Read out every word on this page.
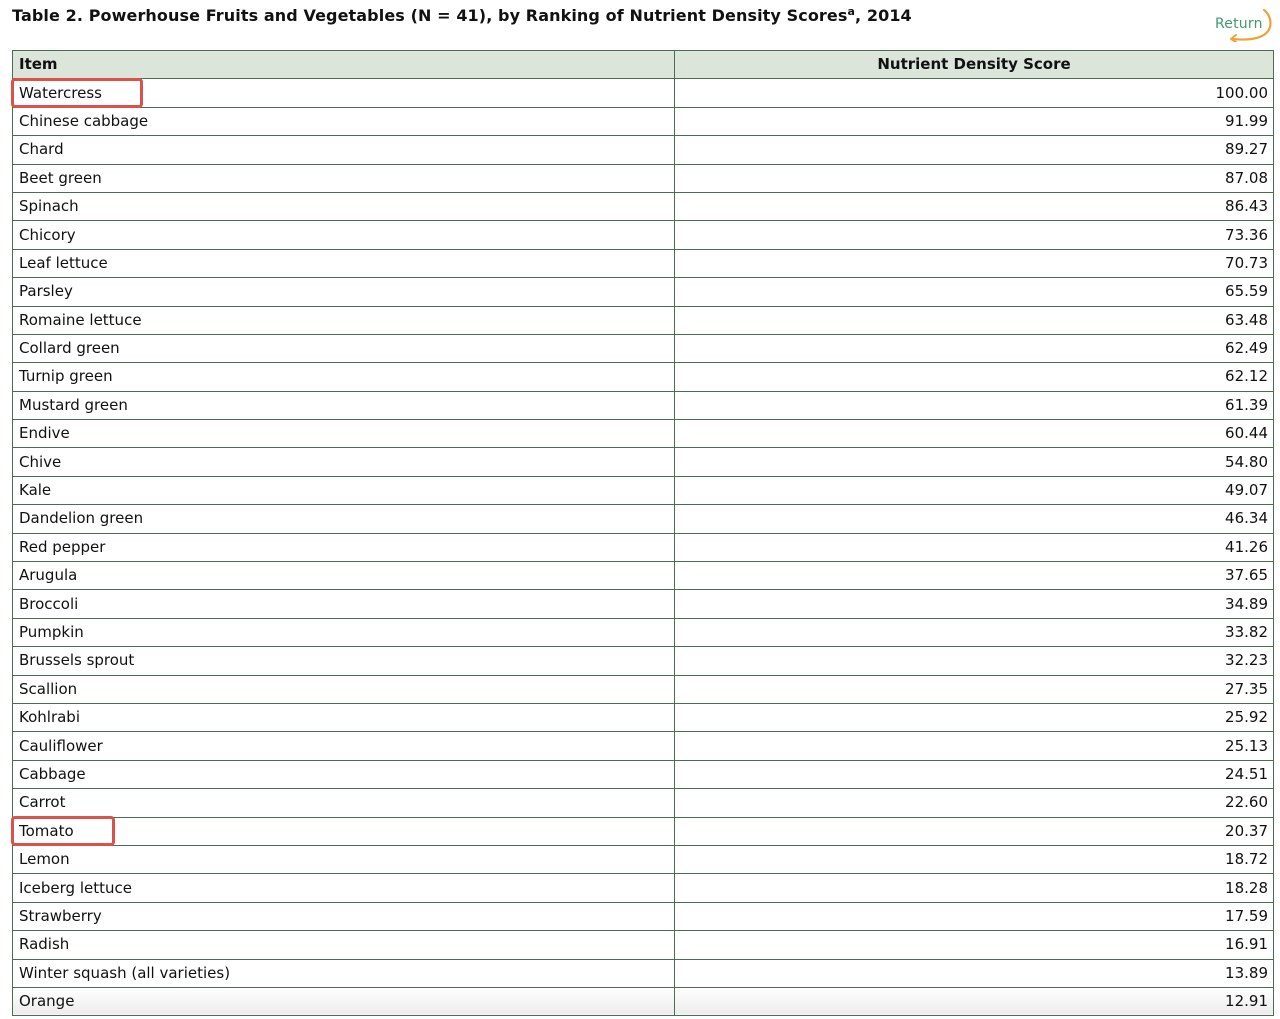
Table 2. Powerhouse Fruits and Vegetables (N = 41), by Ranking of Nutrient Density Scores$^a$, 2014	Return
Item	Nutrient Density Score
Watercress	100.00
Chinese cabbage	91.99
Chard	89.27
Beet green	87.08
Spinach	86.43
Chicory	73.36
Leaf lettuce	70.73
Parsley	65.59
Romaine lettuce	63.48
Collard green	62.49
Turnip green	62.12
Mustard green	61.39
Endive	60.44
Chive	54.80
Kale	49.07
Dandelion green	46.34
Red pepper	41.26
Arugula	37.65
Broccoli	34.89
Pumpkin	33.82
Brussels sprout	32.23
Scallion	27.35
Kohlrabi	25.92
Cauliflower	25.13
Cabbage	24.51
Carrot	22.60
Tomato	20.37
Lemon	18.72
Iceberg lettuce	18.28
Strawberry	17.59
Radish	16.91
Winter squash (all varieties)	13.89
Orange	12.91
